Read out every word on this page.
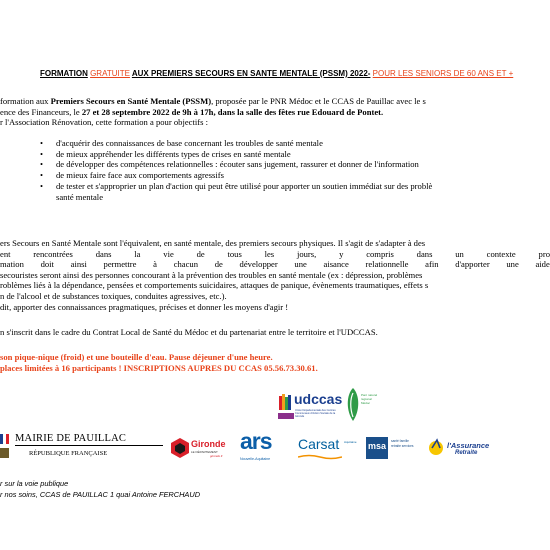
FORMATION GRATUITE AUX PREMIERS SECOURS EN SANTE MENTALE (PSSM) 2022- POUR LES SENIORS DE 60 ANS ET +
formation aux Premiers Secours en Santé Mentale (PSSM), proposée par le PNR Médoc et le CCAS de Pauillac avec le s
ence des Financeurs, le 27 et 28 septembre 2022 de 9h à 17h, dans la salle des fêtes rue Edouard de Pontet.
r l'Association Rénovation, cette formation a pour objectifs :
• d'acquérir des connaissances de base concernant les troubles de santé mentale
• de mieux appréhender les différents types de crises en santé mentale
• de développer des compétences relationnelles : écouter sans jugement, rassurer et donner de l'information
• de mieux faire face aux comportements agressifs
• de tester et s'approprier un plan d'action qui peut être utilisé pour apporter un soutien immédiat sur des problè
santé mentale
ers Secours en Santé Mentale sont l'équivalent, en santé mentale, des premiers secours physiques. Il s'agit de s'adapter à des
ent	rencontrées	dans	la	vie	de	tous	les	jours,	y	compris	dans	un	contexte	pro
mation doit ainsi permettre à chacun de développer une aisance relationnelle afin d'apporter une aide
secouristes seront ainsi des personnes concourant à la prévention des troubles en santé mentale (ex : dépression, problèmes
roblèmes liés à la dépendance, pensées et comportements suicidaires, attaques de panique, évènements traumatiques, effets s
n de l'alcool et de substances toxiques, conduites agressives, etc.).
dit, apporter des connaissances pragmatiques, précises et donner les moyens d'agir !
n s'inscrit dans le cadre du Contrat Local de Santé du Médoc et du partenariat entre le territoire et l'UDCCAS.
son pique-nique (froid) et une bouteille d'eau. Pause déjeuner d'une heure.
places limitées à 16 participants ! INSCRIPTIONS AUPRES DU CCAS 05.56.73.30.61.
udccas
Union Départementale des Centres Communaux d'Action Sociale de la Gironde
Parc naturel régional Médoc
MAIRIE DE PAUILLAC
RÉPUBLIQUE FRANÇAISE
Gironde
LE DÉPARTEMENT
gironde.fr
ars
Nouvelle-Aquitaine
Carsat Aquitaine msa santé famille retraite services	l'Assurance
Retraite
r sur la voie publique
r nos soins, CCAS de PAUILLAC 1 quai Antoine FERCHAUD
